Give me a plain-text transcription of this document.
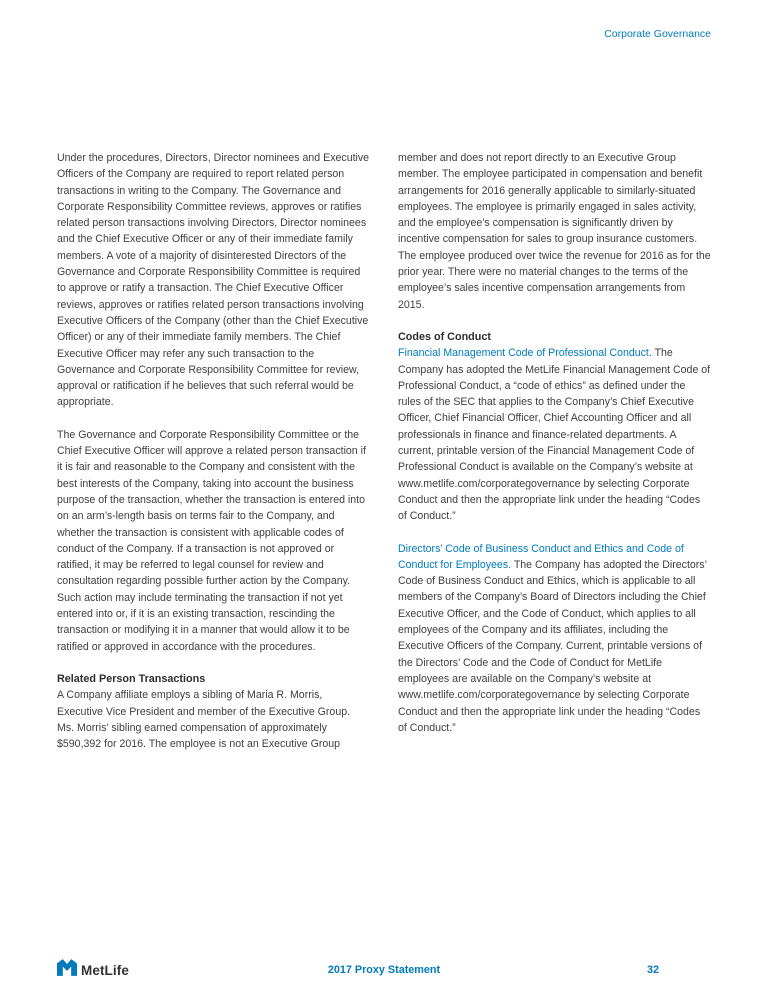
Corporate Governance

Under the procedures, Directors, Director nominees and Executive Officers of the Company are required to report related person transactions in writing to the Company. The Governance and Corporate Responsibility Committee reviews, approves or ratifies related person transactions involving Directors, Director nominees and the Chief Executive Officer or any of their immediate family members. A vote of a majority of disinterested Directors of the Governance and Corporate Responsibility Committee is required to approve or ratify a transaction. The Chief Executive Officer reviews, approves or ratifies related person transactions involving Executive Officers of the Company (other than the Chief Executive Officer) or any of their immediate family members. The Chief Executive Officer may refer any such transaction to the Governance and Corporate Responsibility Committee for review, approval or ratification if he believes that such referral would be appropriate.

The Governance and Corporate Responsibility Committee or the Chief Executive Officer will approve a related person transaction if it is fair and reasonable to the Company and consistent with the best interests of the Company, taking into account the business purpose of the transaction, whether the transaction is entered into on an arm’s-length basis on terms fair to the Company, and whether the transaction is consistent with applicable codes of conduct of the Company. If a transaction is not approved or ratified, it may be referred to legal counsel for review and consultation regarding possible further action by the Company. Such action may include terminating the transaction if not yet entered into or, if it is an existing transaction, rescinding the transaction or modifying it in a manner that would allow it to be ratified or approved in accordance with the procedures.

Related Person Transactions

A Company affiliate employs a sibling of Maria R. Morris, Executive Vice President and member of the Executive Group. Ms. Morris’ sibling earned compensation of approximately $590,392 for 2016. The employee is not an Executive Group

member and does not report directly to an Executive Group member. The employee participated in compensation and benefit arrangements for 2016 generally applicable to similarly-situated employees. The employee is primarily engaged in sales activity, and the employee’s compensation is significantly driven by incentive compensation for sales to group insurance customers. The employee produced over twice the revenue for 2016 as for the prior year. There were no material changes to the terms of the employee’s sales incentive compensation arrangements from 2015.

Codes of Conduct

Financial Management Code of Professional Conduct. The Company has adopted the MetLife Financial Management Code of Professional Conduct, a “code of ethics” as defined under the rules of the SEC that applies to the Company’s Chief Executive Officer, Chief Financial Officer, Chief Accounting Officer and all professionals in finance and finance-related departments. A current, printable version of the Financial Management Code of Professional Conduct is available on the Company’s website at www.metlife.com/corporategovernance by selecting Corporate Conduct and then the appropriate link under the heading “Codes of Conduct.”

Directors’ Code of Business Conduct and Ethics and Code of Conduct for Employees. The Company has adopted the Directors’ Code of Business Conduct and Ethics, which is applicable to all members of the Company’s Board of Directors including the Chief Executive Officer, and the Code of Conduct, which applies to all employees of the Company and its affiliates, including the Executive Officers of the Company. Current, printable versions of the Directors’ Code and the Code of Conduct for MetLife employees are available on the Company’s website at www.metlife.com/corporategovernance by selecting Corporate Conduct and then the appropriate link under the heading “Codes of Conduct.”

MetLife	2017 Proxy Statement	32
